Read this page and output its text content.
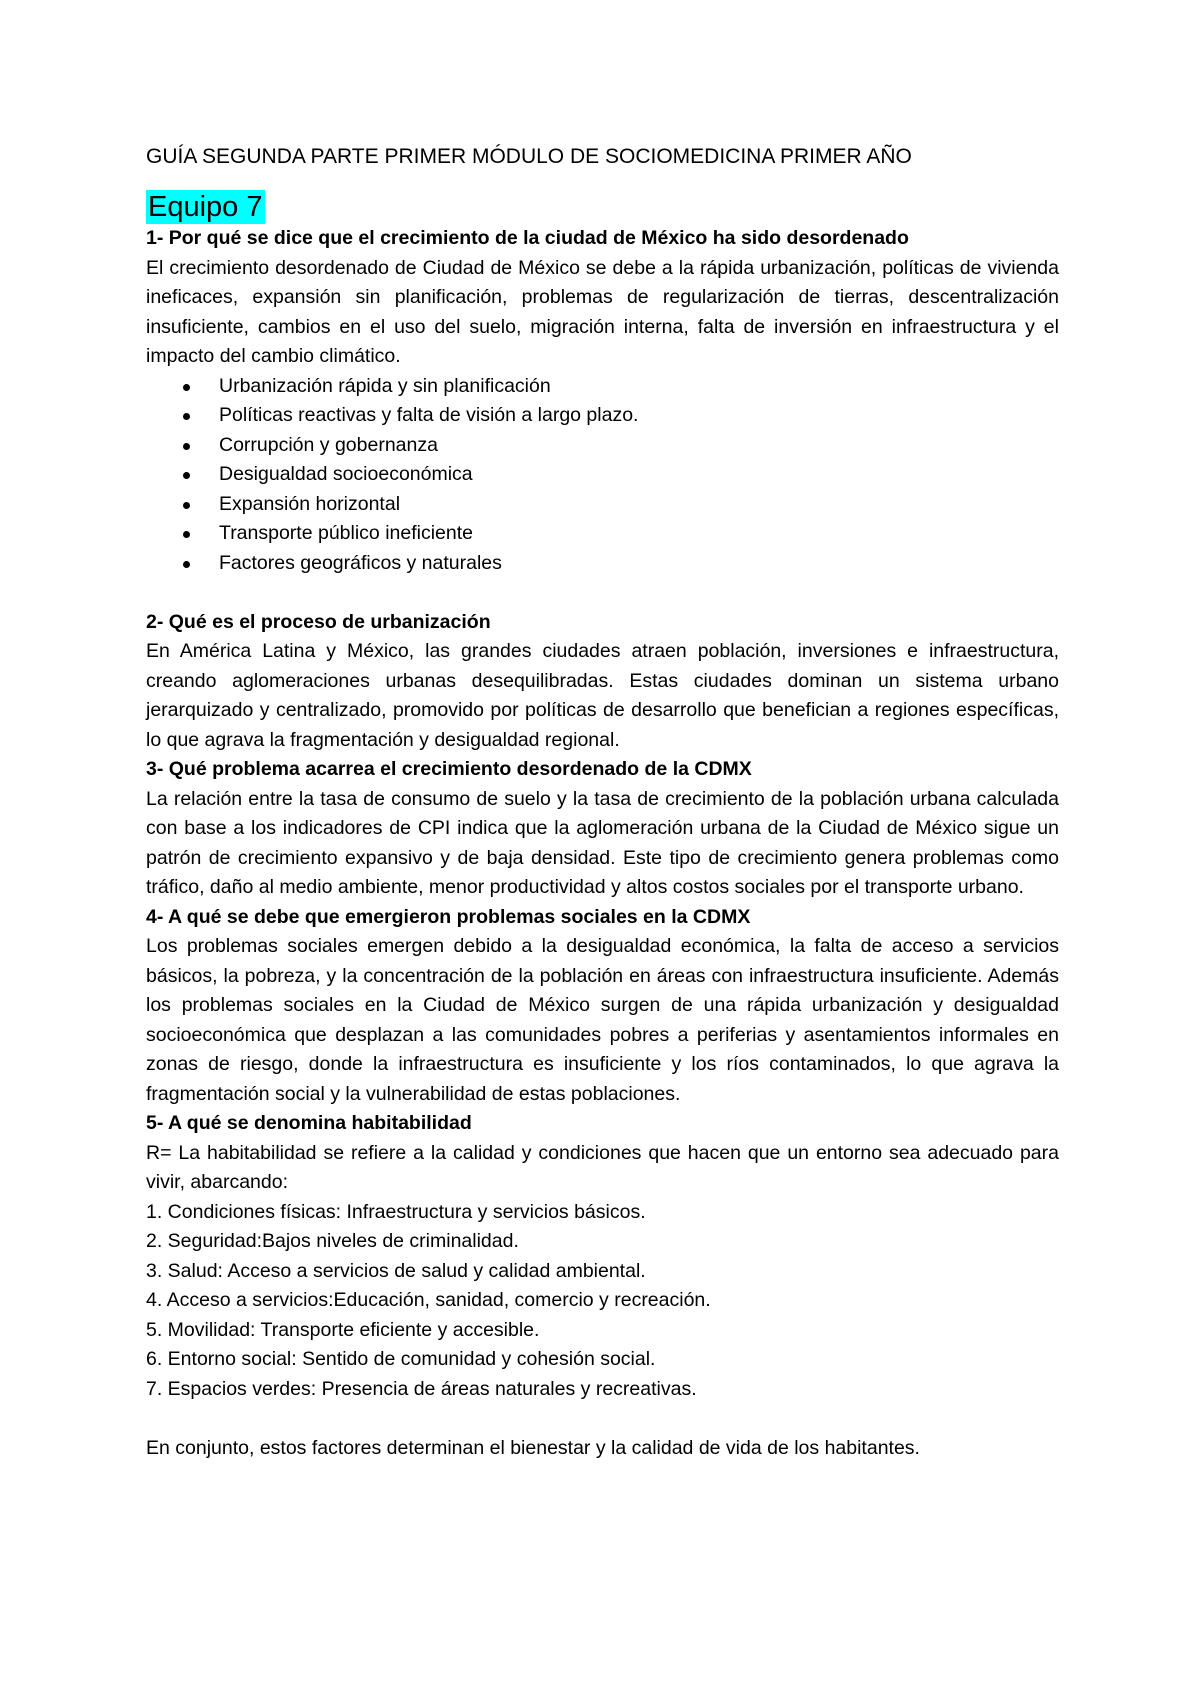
GUÍA SEGUNDA PARTE PRIMER MÓDULO DE SOCIOMEDICINA PRIMER AÑO
Equipo 7

1- Por qué se dice que el crecimiento de la ciudad de México ha sido desordenado

El crecimiento desordenado de Ciudad de México se debe a la rápida urbanización, políticas de vivienda ineficaces, expansión sin planificación, problemas de regularización de tierras, descentralización insuficiente, cambios en el uso del suelo, migración interna, falta de inversión en infraestructura y el impacto del cambio climático.

Urbanización rápida y sin planificación
Políticas reactivas y falta de visión a largo plazo.
Corrupción y gobernanza
Desigualdad socioeconómica
Expansión horizontal
Transporte público ineficiente
Factores geográficos y naturales

2- Qué es el proceso de urbanización

En América Latina y México, las grandes ciudades atraen población, inversiones e infraestructura, creando aglomeraciones urbanas desequilibradas. Estas ciudades dominan un sistema urbano jerarquizado y centralizado, promovido por políticas de desarrollo que benefician a regiones específicas, lo que agrava la fragmentación y desigualdad regional.

3- Qué problema acarrea el crecimiento desordenado de la CDMX

La relación entre la tasa de consumo de suelo y la tasa de crecimiento de la población urbana calculada con base a los indicadores de CPI indica que la aglomeración urbana de la Ciudad de México sigue un patrón de crecimiento expansivo y de baja densidad. Este tipo de crecimiento genera problemas como tráfico, daño al medio ambiente, menor productividad y altos costos sociales por el transporte urbano.

4- A qué se debe que emergieron problemas sociales en la CDMX

Los problemas sociales emergen debido a la desigualdad económica, la falta de acceso a servicios básicos, la pobreza, y la concentración de la población en áreas con infraestructura insuficiente. Además los problemas sociales en la Ciudad de México surgen de una rápida urbanización y desigualdad socioeconómica que desplazan a las comunidades pobres a periferias y asentamientos informales en zonas de riesgo, donde la infraestructura es insuficiente y los ríos contaminados, lo que agrava la fragmentación social y la vulnerabilidad de estas poblaciones.

5- A qué se denomina habitabilidad

R= La habitabilidad se refiere a la calidad y condiciones que hacen que un entorno sea adecuado para vivir, abarcando:

1. Condiciones físicas: Infraestructura y servicios básicos.
2. Seguridad:Bajos niveles de criminalidad.
3. Salud: Acceso a servicios de salud y calidad ambiental.
4. Acceso a servicios:Educación, sanidad, comercio y recreación.
5. Movilidad: Transporte eficiente y accesible.
6. Entorno social: Sentido de comunidad y cohesión social.
7. Espacios verdes: Presencia de áreas naturales y recreativas.

En conjunto, estos factores determinan el bienestar y la calidad de vida de los habitantes.
